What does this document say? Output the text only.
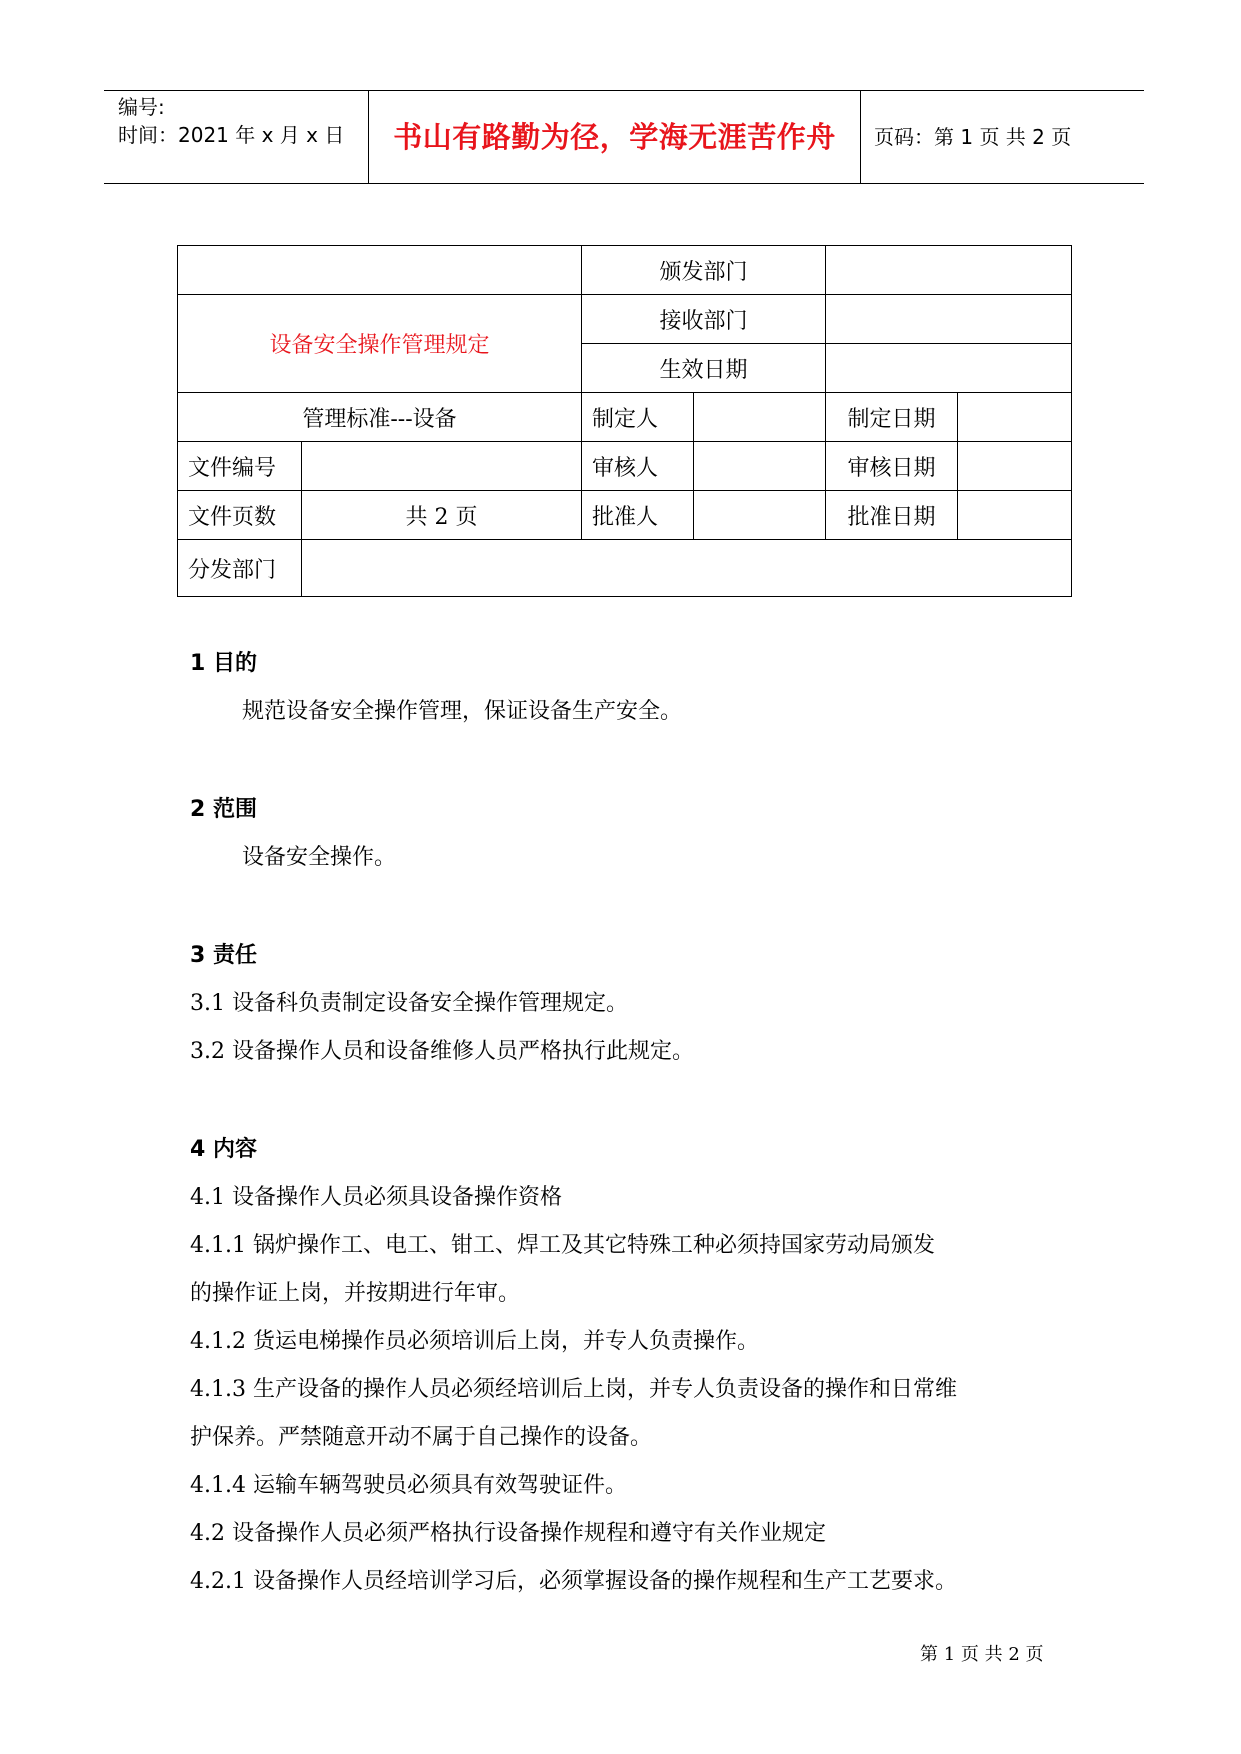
编号:
时间：2021 年 x 月 x 日	书山有路勤为径，学海无涯苦作舟	页码：第 1 页 共 2 页
		颁发部门			
设备安全操作管理规定		接收部门			
		生效日期			
管理标准---设备		制定人		制定日期	
文件编号		审核人		审核日期	
文件页数	共 2 页	批准人		批准日期	
分发部门					
1 目的

规范设备安全操作管理，保证设备生产安全。

2 范围

设备安全操作。

3 责任

3.1 设备科负责制定设备安全操作管理规定。

3.2 设备操作人员和设备维修人员严格执行此规定。

4 内容

4.1 设备操作人员必须具设备操作资格

4.1.1 锅炉操作工、电工、钳工、焊工及其它特殊工种必须持国家劳动局颁发

的操作证上岗，并按期进行年审。

4.1.2 货运电梯操作员必须培训后上岗，并专人负责操作。

4.1.3 生产设备的操作人员必须经培训后上岗，并专人负责设备的操作和日常维

护保养。严禁随意开动不属于自己操作的设备。

4.1.4 运输车辆驾驶员必须具有效驾驶证件。

4.2 设备操作人员必须严格执行设备操作规程和遵守有关作业规定

4.2.1 设备操作人员经培训学习后，必须掌握设备的操作规程和生产工艺要求。

第 1 页 共 2 页
